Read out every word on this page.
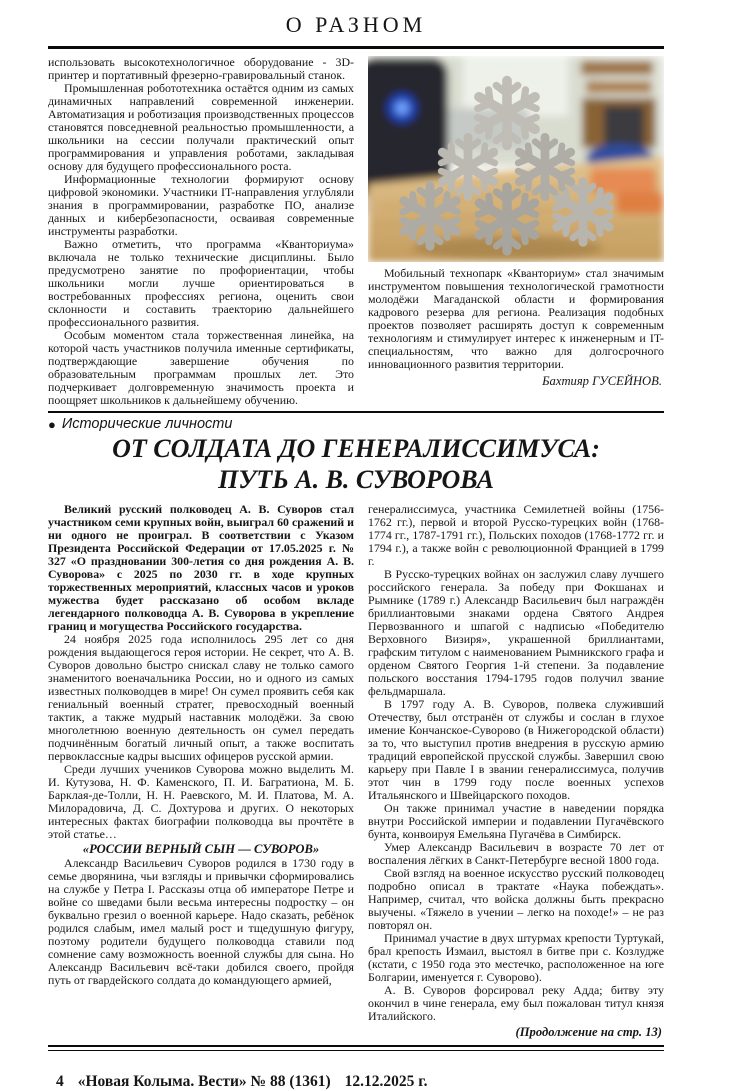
О РАЗНОМ

использовать высокотехнологичное оборудование - 3D-принтер и портативный фрезерно-гравировальный станок.

Промышленная робототехника остаётся одним из самых динамичных направлений современной инженерии. Автоматизация и роботизация производственных процессов становятся повседневной реальностью промышленности, а школьники на сессии получали практический опыт программирования и управления роботами, закладывая основу для будущего профессионального роста.

Информационные технологии формируют основу цифровой экономики. Участники IT-направления углубляли знания в программировании, разработке ПО, анализе данных и кибербезопасности, осваивая современные инструменты разработки.

Важно отметить, что программа «Кванториума» включала не только технические дисциплины. Было предусмотрено занятие по профориентации, чтобы школьники могли лучше ориентироваться в востребованных профессиях региона, оценить свои склонности и составить траекторию дальнейшего профессионального развития.

Особым моментом стала торжественная линейка, на которой часть участников получила именные сертификаты, подтверждающие завершение обучения по образовательным программам прошлых лет. Это подчеркивает долговременную значимость проекта и поощряет школьников к дальнейшему обучению.

Мобильный технопарк «Кванториум» стал значимым инструментом повышения технологической грамотности молодёжи Магаданской области и формирования кадрового резерва для региона. Реализация подобных проектов позволяет расширять доступ к современным технологиям и стимулирует интерес к инженерным и IT-специальностям, что важно для долгосрочного инновационного развития территории.

Бахтияр ГУСЕЙНОВ.
● Исторические личности
ОТ СОЛДАТА ДО ГЕНЕРАЛИССИМУСА:
ПУТЬ А. В. СУВОРОВА

Великий русский полководец А. В. Суворов стал участником семи крупных войн, выиграл 60 сражений и ни одного не проиграл. В соответствии с Указом Президента Российской Федерации от 17.05.2025 г. № 327 «О праздновании 300-летия со дня рождения А. В. Суворова» с 2025 по 2030 гг. в ходе крупных торжественных мероприятий, классных часов и уроков мужества будет рассказано об особом вкладе легендарного полководца А. В. Суворова в укрепление границ и могущества Российского государства.

24 ноября 2025 года исполнилось 295 лет со дня рождения выдающегося героя истории. Не секрет, что А. В. Суворов довольно быстро снискал славу не только самого знаменитого военачальника России, но и одного из самых известных полководцев в мире! Он сумел проявить себя как гениальный военный стратег, превосходный военный тактик, а также мудрый наставник молодёжи. За свою многолетнюю военную деятельность он сумел передать подчинённым богатый личный опыт, а также воспитать первоклассные кадры высших офицеров русской армии.

Среди лучших учеников Суворова можно выделить М. И. Кутузова, Н. Ф. Каменского, П. И. Багратиона, М. Б. Барклая-де-Толли, Н. Н. Раевского, М. И. Платова, М. А. Милорадовича, Д. С. Дохтурова и других. О некоторых интересных фактах биографии полководца вы прочтёте в этой статье…

«РОССИИ ВЕРНЫЙ СЫН — СУВОРОВ»

Александр Васильевич Суворов родился в 1730 году в семье дворянина, чьи взгляды и привычки сформировались на службе у Петра I. Рассказы отца об императоре Петре и войне со шведами были весьма интересны подростку – он буквально грезил о военной карьере. Надо сказать, ребёнок родился слабым, имел малый рост и тщедушную фигуру, поэтому родители будущего полководца ставили под сомнение саму возможность военной службы для сына. Но Александр Васильевич всё-таки добился своего, пройдя путь от гвардейского солдата до командующего армией,

генералиссимуса, участника Семилетней войны (1756-1762 гг.), первой и второй Русско-турецких войн (1768-1774 гг., 1787-1791 гг.), Польских походов (1768-1772 гг. и 1794 г.), а также войн с революционной Францией в 1799 г.

В Русско-турецких войнах он заслужил славу лучшего российского генерала. За победу при Фокшанах и Рымнике (1789 г.) Александр Васильевич был награждён бриллиантовыми знаками ордена Святого Андрея Первозванного и шпагой с надписью «Победителю Верховного Визиря», украшенной бриллиантами, графским титулом с наименованием Рымникского графа и орденом Святого Георгия 1-й степени. За подавление польского восстания 1794-1795 годов получил звание фельдмаршала.

В 1797 году А. В. Суворов, полвека служивший Отечеству, был отстранён от службы и сослан в глухое имение Кончанское-Суворово (в Нижегородской области) за то, что выступил против внедрения в русскую армию традиций европейской прусской службы. Завершил свою карьеру при Павле I в звании генералиссимуса, получив этот чин в 1799 году после военных успехов Итальянского и Швейцарского походов.

Он также принимал участие в наведении порядка внутри Российской империи и подавлении Пугачёвского бунта, конвоируя Емельяна Пугачёва в Симбирск.

Умер Александр Васильевич в возрасте 70 лет от воспаления лёгких в Санкт-Петербурге весной 1800 года.

Свой взгляд на военное искусство русский полководец подробно описал в трактате «Наука побеждать». Например, считал, что войска должны быть прекрасно выучены. «Тяжело в учении – легко на походе!» – не раз повторял он.

Принимал участие в двух штурмах крепости Туртукай, брал крепость Измаил, выстоял в битве при с. Козлудже (кстати, с 1950 года это местечко, расположенное на юге Болгарии, именуется г. Суворово).

А. В. Суворов форсировал реку Адда; битву эту окончил в чине генерала, ему был пожалован титул князя Италийского.

(Продолжение на стр. 13)
4 «Новая Колыма. Вести» № 88 (1361) 12.12.2025 г.
